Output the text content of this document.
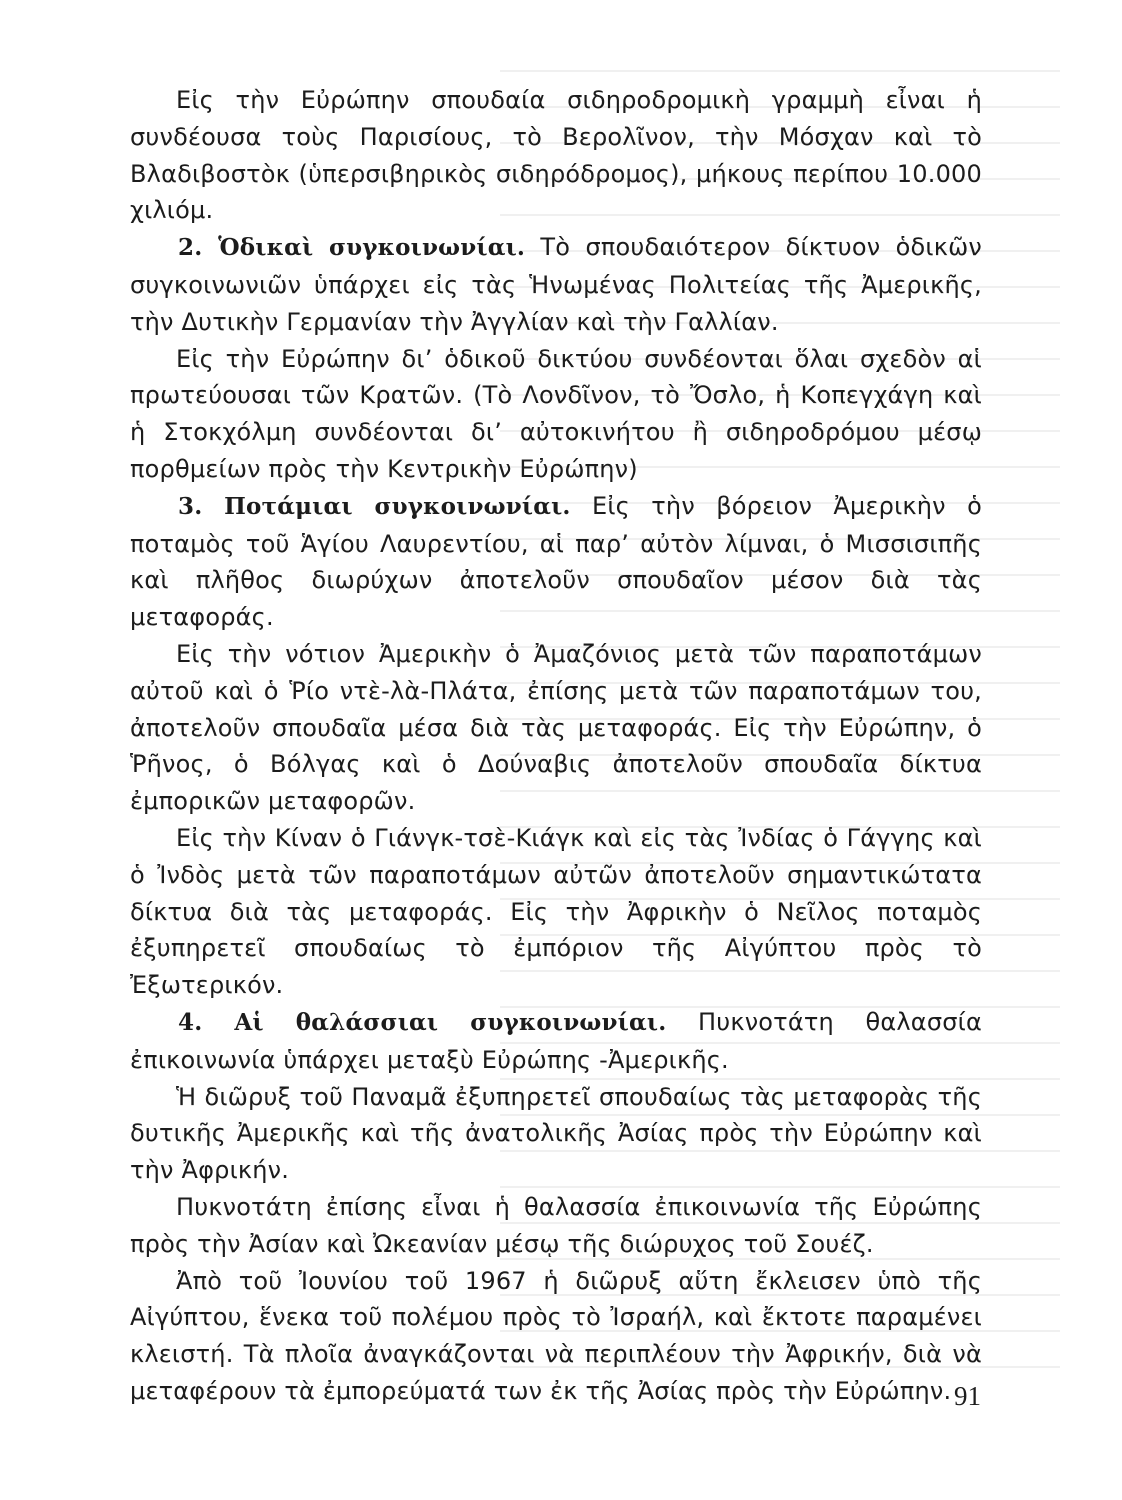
Εἰς τὴν Εὐρώπην σπουδαία σιδηροδρομικὴ γραμμὴ εἶναι ἡ συνδέουσα τοὺς Παρισίους, τὸ Βερολῖνον, τὴν Μόσχαν καὶ τὸ Βλαδιβοστὸκ (ὑπερσιβηρικὸς σιδηρόδρομος), μήκους περίπου 10.000 χιλιόμ.

2. Ὁδικαὶ συγκοινωνίαι. Τὸ σπουδαιότερον δίκτυον ὁδικῶν συγκοινωνιῶν ὑπάρχει εἰς τὰς Ἡνωμένας Πολιτείας τῆς Ἀμερικῆς, τὴν Δυτικὴν Γερμανίαν τὴν Ἀγγλίαν καὶ τὴν Γαλλίαν.

Εἰς τὴν Εὐρώπην δι’ ὁδικοῦ δικτύου συνδέονται ὅλαι σχεδὸν αἱ πρωτεύουσαι τῶν Κρατῶν. (Τὸ Λονδῖνον, τὸ Ὄσλο, ἡ Κοπεγχάγη καὶ ἡ Στοκχόλμη συνδέονται δι’ αὐτοκινήτου ἢ σιδηροδρόμου μέσῳ πορθμείων πρὸς τὴν Κεντρικὴν Εὐρώπην)

3. Ποτάμιαι συγκοινωνίαι. Εἰς τὴν βόρειον Ἀμερικὴν ὁ ποταμὸς τοῦ Ἁγίου Λαυρεντίου, αἱ παρ’ αὐτὸν λίμναι, ὁ Μισσισιπῆς καὶ πλῆθος διωρύχων ἀποτελοῦν σπουδαῖον μέσον διὰ τὰς μεταφοράς.

Εἰς τὴν νότιον Ἀμερικὴν ὁ Ἀμαζόνιος μετὰ τῶν παραποτάμων αὐτοῦ καὶ ὁ Ῥίο ντὲ-λὰ-Πλάτα, ἐπίσης μετὰ τῶν παραποτάμων του, ἀποτελοῦν σπουδαῖα μέσα διὰ τὰς μεταφοράς. Εἰς τὴν Εὐρώπην, ὁ Ῥῆνος, ὁ Βόλγας καὶ ὁ Δούναβις ἀποτελοῦν σπουδαῖα δίκτυα ἐμπορικῶν μεταφορῶν.

Εἰς τὴν Κίναν ὁ Γιάνγκ-τσὲ-Κιάγκ καὶ εἰς τὰς Ἰνδίας ὁ Γάγγης καὶ ὁ Ἰνδὸς μετὰ τῶν παραποτάμων αὐτῶν ἀποτελοῦν σημαντικώτατα δίκτυα διὰ τὰς μεταφοράς. Εἰς τὴν Ἀφρικὴν ὁ Νεῖλος ποταμὸς ἐξυπηρετεῖ σπουδαίως τὸ ἐμπόριον τῆς Αἰγύπτου πρὸς τὸ Ἐξωτερικόν.

4. Αἱ θαλάσσιαι συγκοινωνίαι. Πυκνοτάτη θαλασσία ἐπικοινωνία ὑπάρχει μεταξὺ Εὐρώπης -Ἀμερικῆς.

Ἡ διῶρυξ τοῦ Παναμᾶ ἐξυπηρετεῖ σπουδαίως τὰς μεταφορὰς τῆς δυτικῆς Ἀμερικῆς καὶ τῆς ἀνατολικῆς Ἀσίας πρὸς τὴν Εὐρώπην καὶ τὴν Ἀφρικήν.

Πυκνοτάτη ἐπίσης εἶναι ἡ θαλασσία ἐπικοινωνία τῆς Εὐρώπης πρὸς τὴν Ἀσίαν καὶ Ὠκεανίαν μέσῳ τῆς διώρυχος τοῦ Σουέζ.

Ἀπὸ τοῦ Ἰουνίου τοῦ 1967 ἡ διῶρυξ αὕτη ἔκλεισεν ὑπὸ τῆς Αἰγύπτου, ἕνεκα τοῦ πολέμου πρὸς τὸ Ἰσραήλ, καὶ ἔκτοτε παραμένει κλειστή. Τὰ πλοῖα ἀναγκάζονται νὰ περιπλέουν τὴν Ἀφρικήν, διὰ νὰ μεταφέρουν τὰ ἐμπορεύματά των ἐκ τῆς Ἀσίας πρὸς τὴν Εὐρώπην. 91
